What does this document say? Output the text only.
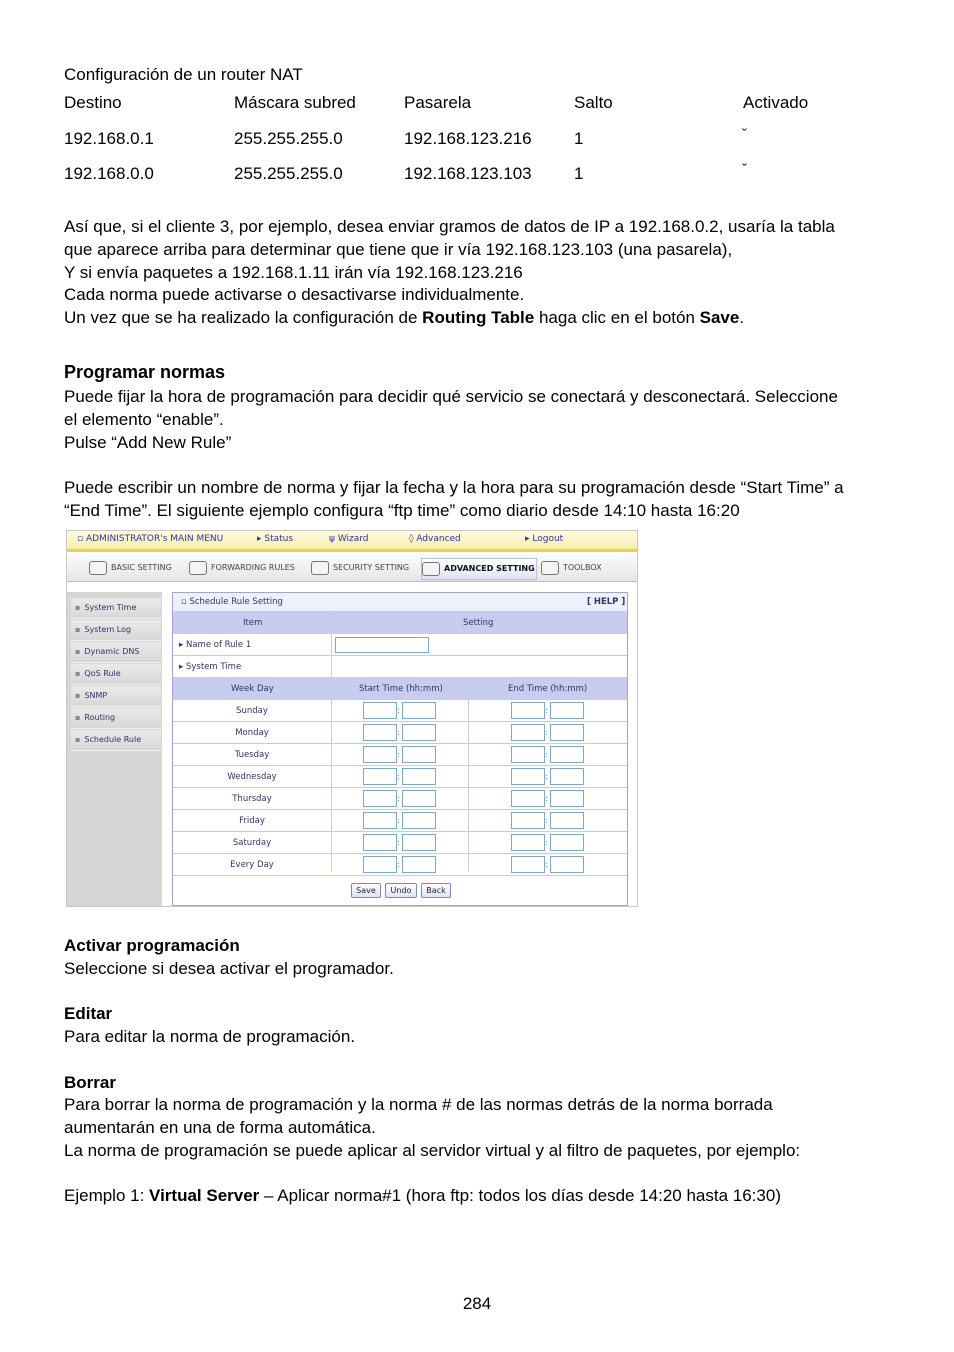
Configuración de un router NAT
Destino	Máscara subred	Pasarela	Salto	Activado
192.168.0.1	255.255.255.0	192.168.123.216 1	ˇ
192.168.0.0	255.255.255.0	192.168.123.103 1	ˇ
Así que, si el cliente 3, por ejemplo, desea enviar gramos de datos de IP a 192.168.0.2, usaría la tabla
que aparece arriba para determinar que tiene que ir vía 192.168.123.103 (una pasarela),
Y si envía paquetes a 192.168.1.11 irán vía 192.168.123.216
Cada norma puede activarse o desactivarse individualmente.
Un vez que se ha realizado la configuración de Routing Table haga clic en el botón Save.
Programar normas
Puede fijar la hora de programación para decidir qué servicio se conectará y desconectará. Seleccione
el elemento “enable”.
Pulse “Add New Rule”
Puede escribir un nombre de norma y fijar la fecha y la hora para su programación desde “Start Time” a
“End Time”. El siguiente ejemplo configura “ftp time” como diario desde 14:10 hasta 16:20
▫ ADMINISTRATOR's MAIN MENU	▸ Status	ψ Wizard	◊ Advanced	▸ Logout
BASIC SETTING	FORWARDING RULES	SECURITY SETTING	ADVANCED SETTING	TOOLBOX
▪ System Time
▪ System Log
▪ Dynamic DNS
▪ QoS Rule
▪ SNMP
▪ Routing
▪ Schedule Rule
▫ Schedule Rule Setting	[ HELP ]
Item	Setting
▸ Name of Rule 1
▸ System Time
Week Day	Start Time (hh:mm)	End Time (hh:mm)
Sunday	:	:
Monday	:	:
Tuesday	:	:
Wednesday	:	:
Thursday	:	:
Friday	:	:
Saturday	:	:
Every Day	:	:
Save	Undo	Back
Activar programación
Seleccione si desea activar el programador.
Editar
Para editar la norma de programación.
Borrar
Para borrar la norma de programación y la norma # de las normas detrás de la norma borrada
aumentarán en una de forma automática.
La norma de programación se puede aplicar al servidor virtual y al filtro de paquetes, por ejemplo:
Ejemplo 1: Virtual Server – Aplicar norma#1 (hora ftp: todos los días desde 14:20 hasta 16:30)
284
